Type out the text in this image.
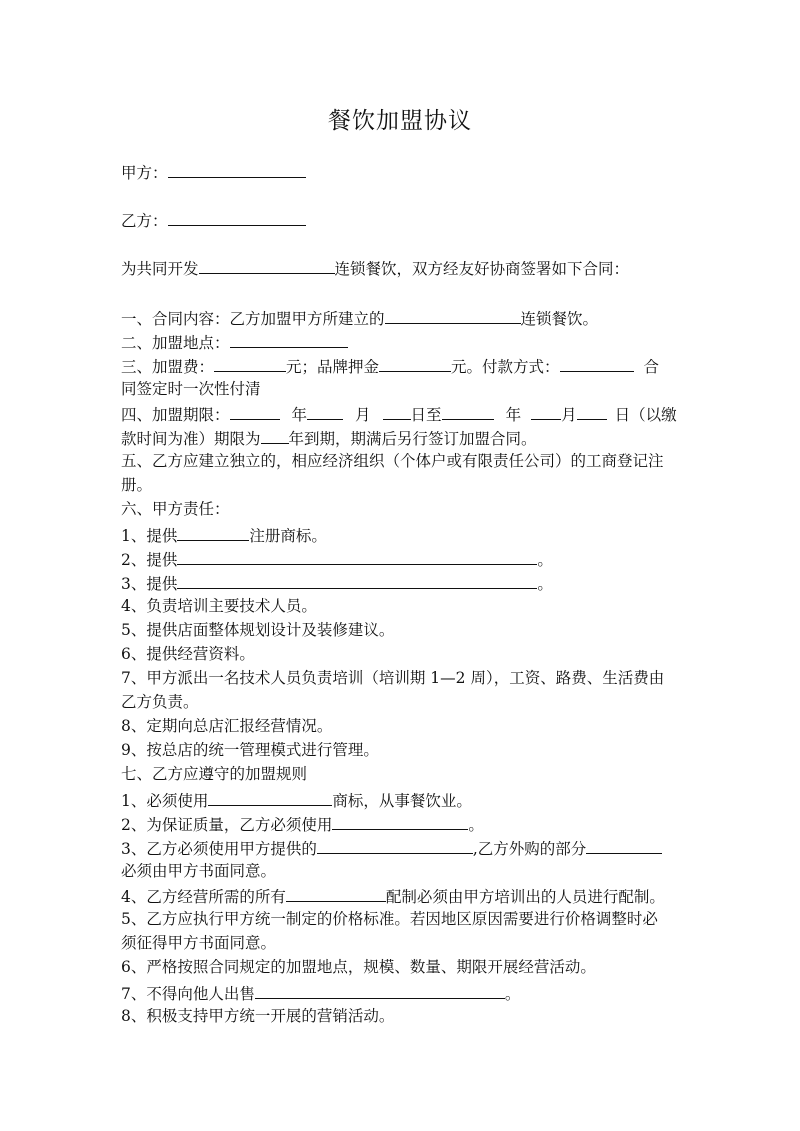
餐饮加盟协议
甲方：
乙方：
为共同开发	连锁餐饮，双方经友好协商签署如下合同：
一、合同内容：乙方加盟甲方所建立的	连锁餐饮。
二、加盟地点：
三、加盟费：	元；品牌押金	元。付款方式：	合
同签定时一次性付清
四、加盟期限：	年	月	日至	年	月 日（以缴
款时间为准）期限为 年到期，期满后另行签订加盟合同。
五、乙方应建立独立的，相应经济组织（个体户或有限责任公司）的工商登记注
册。
六、甲方责任：
1、提供	注册商标。
2、提供	。
3、提供	。
4、负责培训主要技术人员。
5、提供店面整体规划设计及装修建议。
6、提供经营资料。
7、甲方派出一名技术人员负责培训（培训期 1—2 周），工资、路费、生活费由
乙方负责。
8、定期向总店汇报经营情况。
9、按总店的统一管理模式进行管理。
七、乙方应遵守的加盟规则
1、必须使用	商标，从事餐饮业。
2、为保证质量，乙方必须使用	。
3、乙方必须使用甲方提供的	,乙方外购的部分
必须由甲方书面同意。
4、乙方经营所需的所有	配制必须由甲方培训出的人员进行配制。
5、乙方应执行甲方统一制定的价格标准。若因地区原因需要进行价格调整时必
须征得甲方书面同意。
6、严格按照合同规定的加盟地点，规模、数量、期限开展经营活动。
7、不得向他人出售	。
8、积极支持甲方统一开展的营销活动。
